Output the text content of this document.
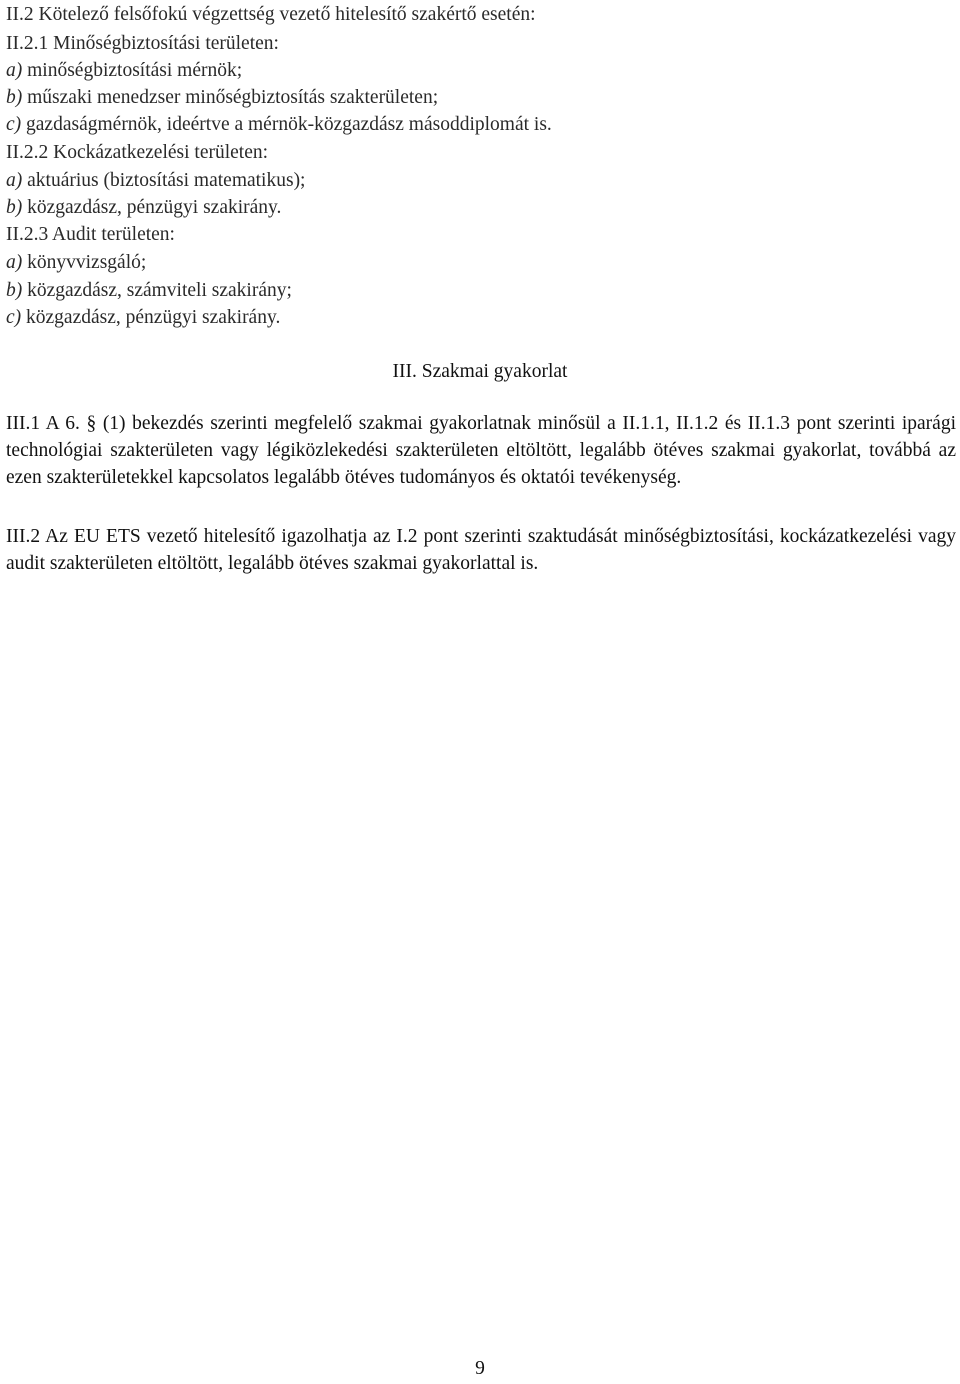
II.2 Kötelező felsőfokú végzettség vezető hitelesítő szakértő esetén:
II.2.1 Minőségbiztosítási területen:
a) minőségbiztosítási mérnök;
b) műszaki menedzser minőségbiztosítás szakterületen;
c) gazdaságmérnök, ideértve a mérnök-közgazdász másoddiplomát is.
II.2.2 Kockázatkezelési területen:
a) aktuárius (biztosítási matematikus);
b) közgazdász, pénzügyi szakirány.
II.2.3 Audit területen:
a) könyvvizsgáló;
b) közgazdász, számviteli szakirány;
c) közgazdász, pénzügyi szakirány.
III. Szakmai gyakorlat
III.1 A 6. § (1) bekezdés szerinti megfelelő szakmai gyakorlatnak minősül a II.1.1, II.1.2 és II.1.3 pont szerinti iparági technológiai szakterületen vagy légiközlekedési szakterületen eltöltött, legalább ötéves szakmai gyakorlat, továbbá az ezen szakterületekkel kapcsolatos legalább ötéves tudományos és oktatói tevékenység.
III.2 Az EU ETS vezető hitelesítő igazolhatja az I.2 pont szerinti szaktudását minőségbiztosítási, kockázatkezelési vagy audit szakterületen eltöltött, legalább ötéves szakmai gyakorlattal is.
9
